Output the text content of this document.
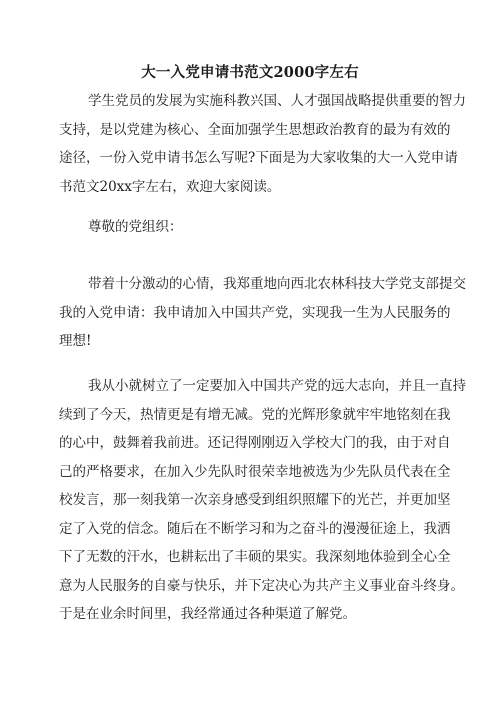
大一入党申请书范文2000字左右
学生党员的发展为实施科教兴国、人才强国战略提供重要的智力
支持，是以党建为核心、全面加强学生思想政治教育的最为有效的
途径，一份入党申请书怎么写呢?下面是为大家收集的大一入党申请
书范文20xx字左右，欢迎大家阅读。
尊敬的党组织：
带着十分激动的心情，我郑重地向西北农林科技大学党支部提交
我的入党申请：我申请加入中国共产党，实现我一生为人民服务的
理想!
我从小就树立了一定要加入中国共产党的远大志向，并且一直持
续到了今天，热情更是有增无减。党的光辉形象就牢牢地铭刻在我
的心中，鼓舞着我前进。还记得刚刚迈入学校大门的我，由于对自
己的严格要求，在加入少先队时很荣幸地被选为少先队员代表在全
校发言，那一刻我第一次亲身感受到组织照耀下的光芒，并更加坚
定了入党的信念。随后在不断学习和为之奋斗的漫漫征途上，我洒
下了无数的汗水，也耕耘出了丰硕的果实。我深刻地体验到全心全
意为人民服务的自豪与快乐，并下定决心为共产主义事业奋斗终身。
于是在业余时间里，我经常通过各种渠道了解党。
